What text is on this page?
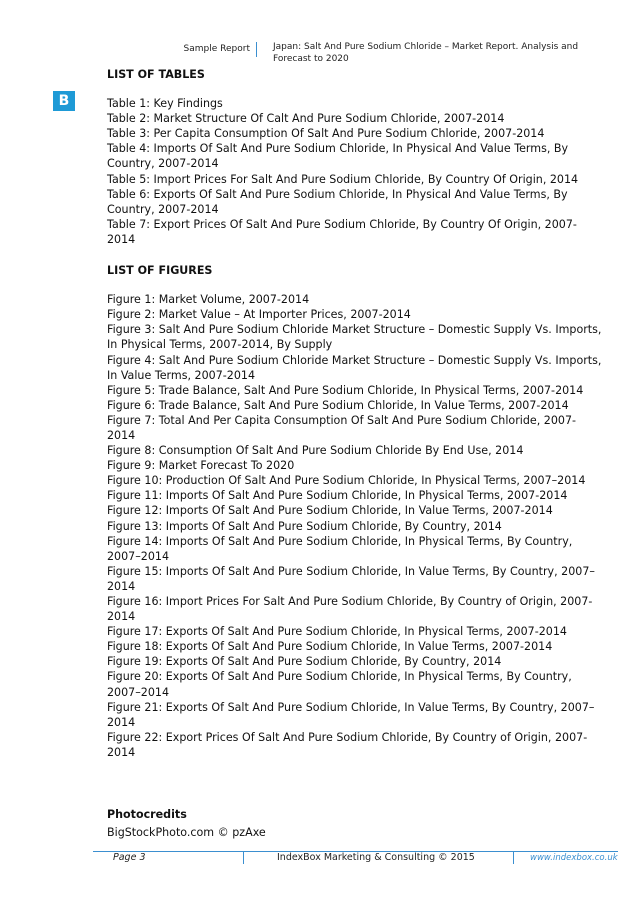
Sample Report	Japan: Salt And Pure Sodium Chloride – Market Report. Analysis and Forecast to 2020
B
LIST OF TABLES
Table 1: Key Findings
Table 2: Market Structure Of Calt And Pure Sodium Chloride, 2007-2014
Table 3: Per Capita Consumption Of Salt And Pure Sodium Chloride, 2007-2014
Table 4: Imports Of Salt And Pure Sodium Chloride, In Physical And Value Terms, By Country, 2007-2014
Table 5: Import Prices For Salt And Pure Sodium Chloride, By Country Of Origin, 2014
Table 6: Exports Of Salt And Pure Sodium Chloride, In Physical And Value Terms, By Country, 2007-2014
Table 7: Export Prices Of Salt And Pure Sodium Chloride, By Country Of Origin, 2007-2014
LIST OF FIGURES
Figure 1: Market Volume, 2007-2014
Figure 2: Market Value – At Importer Prices, 2007-2014
Figure 3: Salt And Pure Sodium Chloride Market Structure – Domestic Supply Vs. Imports, In Physical Terms, 2007-2014, By Supply
Figure 4: Salt And Pure Sodium Chloride Market Structure – Domestic Supply Vs. Imports, In Value Terms, 2007-2014
Figure 5: Trade Balance, Salt And Pure Sodium Chloride, In Physical Terms, 2007-2014
Figure 6: Trade Balance, Salt And Pure Sodium Chloride, In Value Terms, 2007-2014
Figure 7: Total And Per Capita Consumption Of Salt And Pure Sodium Chloride, 2007-2014
Figure 8: Consumption Of Salt And Pure Sodium Chloride By End Use, 2014
Figure 9: Market Forecast To 2020
Figure 10: Production Of Salt And Pure Sodium Chloride, In Physical Terms, 2007–2014
Figure 11: Imports Of Salt And Pure Sodium Chloride, In Physical Terms, 2007-2014
Figure 12: Imports Of Salt And Pure Sodium Chloride, In Value Terms, 2007-2014
Figure 13: Imports Of Salt And Pure Sodium Chloride, By Country, 2014
Figure 14: Imports Of Salt And Pure Sodium Chloride, In Physical Terms, By Country, 2007–2014
Figure 15: Imports Of Salt And Pure Sodium Chloride, In Value Terms, By Country, 2007–2014
Figure 16: Import Prices For Salt And Pure Sodium Chloride, By Country of Origin, 2007-2014
Figure 17: Exports Of Salt And Pure Sodium Chloride, In Physical Terms, 2007-2014
Figure 18: Exports Of Salt And Pure Sodium Chloride, In Value Terms, 2007-2014
Figure 19: Exports Of Salt And Pure Sodium Chloride, By Country, 2014
Figure 20: Exports Of Salt And Pure Sodium Chloride, In Physical Terms, By Country, 2007–2014
Figure 21: Exports Of Salt And Pure Sodium Chloride, In Value Terms, By Country, 2007–2014
Figure 22: Export Prices Of Salt And Pure Sodium Chloride, By Country of Origin, 2007-2014
Photocredits

BigStockPhoto.com © pzAxe

Page 3	IndexBox Marketing & Consulting © 2015	www.indexbox.co.uk
